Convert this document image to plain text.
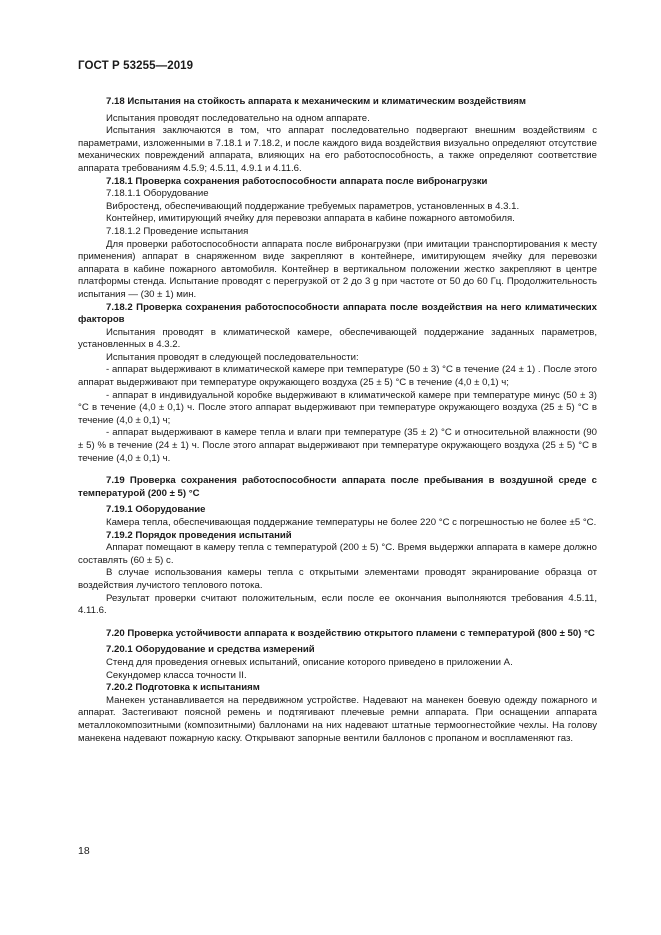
ГОСТ Р 53255—2019

7.18 Испытания на стойкость аппарата к механическим и климатическим воздействиям

Испытания проводят последовательно на одном аппарате.

Испытания заключаются в том, что аппарат последовательно подвергают внешним воздействиям с параметрами, изложенными в 7.18.1 и 7.18.2, и после каждого вида воздействия визуально определяют отсутствие механических повреждений аппарата, влияющих на его работоспособность, а также определяют соответствие аппарата требованиям 4.5.9; 4.5.11, 4.9.1 и 4.11.6.

7.18.1 Проверка сохранения работоспособности аппарата после вибронагрузки

7.18.1.1 Оборудование

Вибростенд, обеспечивающий поддержание требуемых параметров, установленных в 4.3.1.

Контейнер, имитирующий ячейку для перевозки аппарата в кабине пожарного автомобиля.

7.18.1.2 Проведение испытания

Для проверки работоспособности аппарата после вибронагрузки (при имитации транспортирования к месту применения) аппарат в снаряженном виде закрепляют в контейнере, имитирующем ячейку для перевозки аппарата в кабине пожарного автомобиля. Контейнер в вертикальном положении жестко закрепляют в центре платформы стенда. Испытание проводят с перегрузкой от 2 до 3 g при частоте от 50 до 60 Гц. Продолжительность испытания — (30 ± 1) мин.

7.18.2 Проверка сохранения работоспособности аппарата после воздействия на него климатических факторов

Испытания проводят в климатической камере, обеспечивающей поддержание заданных параметров, установленных в 4.3.2.

Испытания проводят в следующей последовательности:

- аппарат выдерживают в климатической камере при температуре (50 ± 3) °С в течение (24 ± 1) . После этого аппарат выдерживают при температуре окружающего воздуха (25 ± 5) °С в течение (4,0 ± 0,1) ч;

- аппарат в индивидуальной коробке выдерживают в климатической камере при температуре минус (50 ± 3) °С в течение (4,0 ± 0,1) ч. После этого аппарат выдерживают при температуре окружающего воздуха (25 ± 5) °С в течение (4,0 ± 0,1) ч;

- аппарат выдерживают в камере тепла и влаги при температуре (35 ± 2) °С и относительной влажности (90 ± 5) % в течение (24 ± 1) ч. После этого аппарат выдерживают при температуре окружающего воздуха (25 ± 5) °С в течение (4,0 ± 0,1) ч.

7.19 Проверка сохранения работоспособности аппарата после пребывания в воздушной среде с температурой (200 ± 5) °С

7.19.1 Оборудование

Камера тепла, обеспечивающая поддержание температуры не более 220 °С с погрешностью не более ±5 °С.

7.19.2 Порядок проведения испытаний

Аппарат помещают в камеру тепла с температурой (200 ± 5) °С. Время выдержки аппарата в камере должно составлять (60 ± 5) с.

В случае использования камеры тепла с открытыми элементами проводят экранирование образца от воздействия лучистого теплового потока.

Результат проверки считают положительным, если после ее окончания выполняются требования 4.5.11, 4.11.6.

7.20 Проверка устойчивости аппарата к воздействию открытого пламени с температурой (800 ± 50) °С

7.20.1 Оборудование и средства измерений

Стенд для проведения огневых испытаний, описание которого приведено в приложении А.

Секундомер класса точности II.

7.20.2 Подготовка к испытаниям

Манекен устанавливается на передвижном устройстве. Надевают на манекен боевую одежду пожарного и аппарат. Застегивают поясной ремень и подтягивают плечевые ремни аппарата. При оснащении аппарата металлокомпозитными (композитными) баллонами на них надевают штатные термоогнестойкие чехлы. На голову манекена надевают пожарную каску. Открывают запорные вентили баллонов с пропаном и воспламеняют газ.

18
